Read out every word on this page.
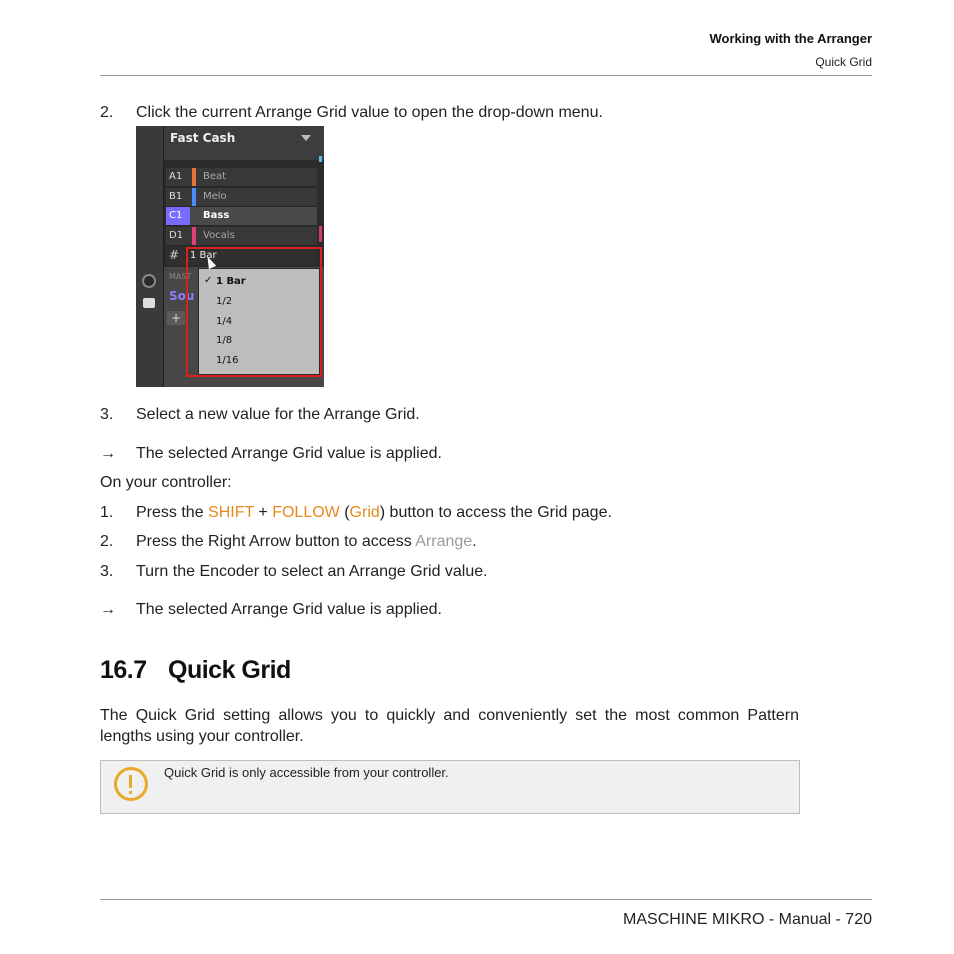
Working with the Arranger
Quick Grid
2. Click the current Arrange Grid value to open the drop-down menu.
Fast Cash
A1 Beat
B1 Melo
C1	Bass
D1 Vocals
# 1 Bar
MAST
Sou
+
✓ 1 Bar
1/2
1/4
1/8
1/16
3. Select a new value for the Arrange Grid.
→ The selected Arrange Grid value is applied.
On your controller:
1. Press the SHIFT + FOLLOW (Grid) button to access the Grid page.
2. Press the Right Arrow button to access Arrange.
3. Turn the Encoder to select an Arrange Grid value.
→ The selected Arrange Grid value is applied.
16.7 Quick Grid
The Quick Grid setting allows you to quickly and conveniently set the most common Pattern lengths using your controller.
Quick Grid is only accessible from your controller.
MASCHINE MIKRO - Manual - 720
